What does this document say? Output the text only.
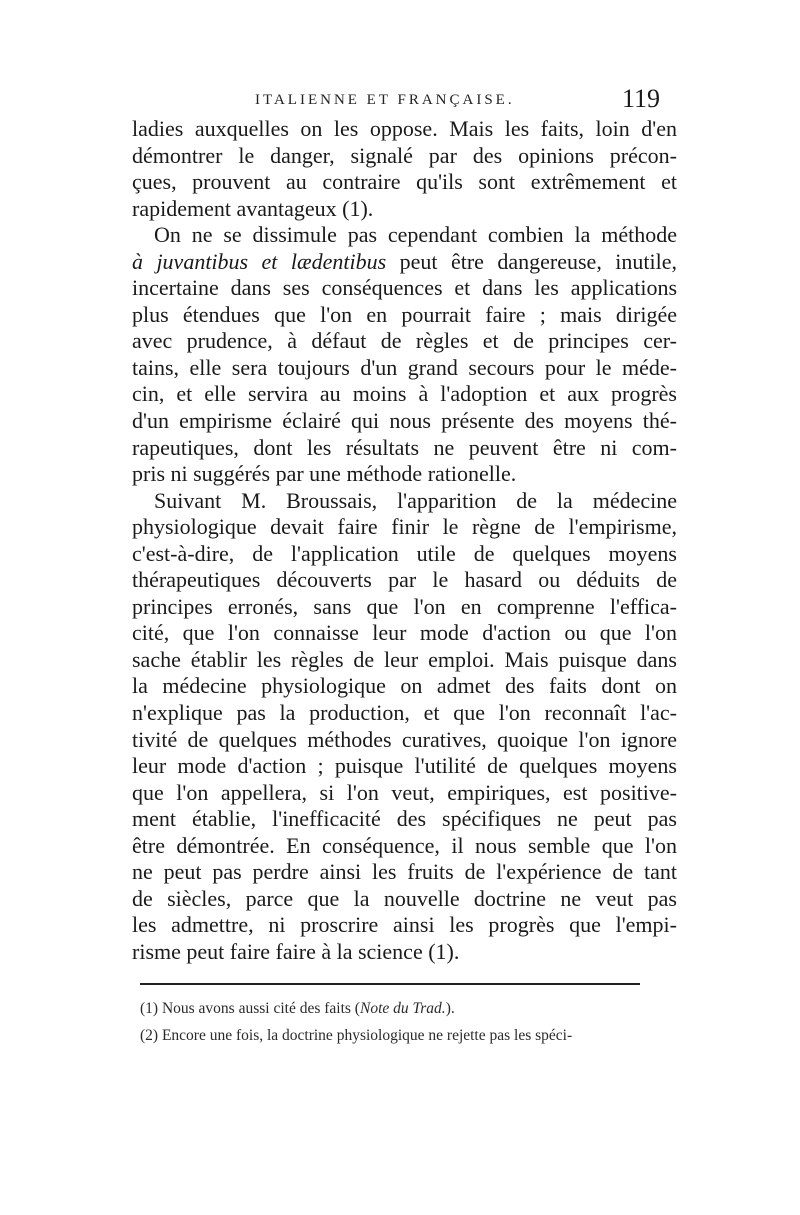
ITALIENNE ET FRANÇAISE.	119
ladies auxquelles on les oppose. Mais les faits, loin d'en
démontrer le danger, signalé par des opinions précon-
çues, prouvent au contraire qu'ils sont extrêmement et
rapidement avantageux (1).
On ne se dissimule pas cependant combien la méthode
à juvantibus et lædentibus peut être dangereuse, inutile,
incertaine dans ses conséquences et dans les applications
plus étendues que l'on en pourrait faire ; mais dirigée
avec prudence, à défaut de règles et de principes cer-
tains, elle sera toujours d'un grand secours pour le méde-
cin, et elle servira au moins à l'adoption et aux progrès
d'un empirisme éclairé qui nous présente des moyens thé-
rapeutiques, dont les résultats ne peuvent être ni com-
pris ni suggérés par une méthode rationelle.
Suivant M. Broussais, l'apparition de la médecine
physiologique devait faire finir le règne de l'empirisme,
c'est-à-dire, de l'application utile de quelques moyens
thérapeutiques découverts par le hasard ou déduits de
principes erronés, sans que l'on en comprenne l'effica-
cité, que l'on connaisse leur mode d'action ou que l'on
sache établir les règles de leur emploi. Mais puisque dans
la médecine physiologique on admet des faits dont on
n'explique pas la production, et que l'on reconnaît l'ac-
tivité de quelques méthodes curatives, quoique l'on ignore
leur mode d'action ; puisque l'utilité de quelques moyens
que l'on appellera, si l'on veut, empiriques, est positive-
ment établie, l'inefficacité des spécifiques ne peut pas
être démontrée. En conséquence, il nous semble que l'on
ne peut pas perdre ainsi les fruits de l'expérience de tant
de siècles, parce que la nouvelle doctrine ne veut pas
les admettre, ni proscrire ainsi les progrès que l'empi-
risme peut faire faire à la science (1).
(1) Nous avons aussi cité des faits (Note du Trad.).
(2) Encore une fois, la doctrine physiologique ne rejette pas les spéci-
